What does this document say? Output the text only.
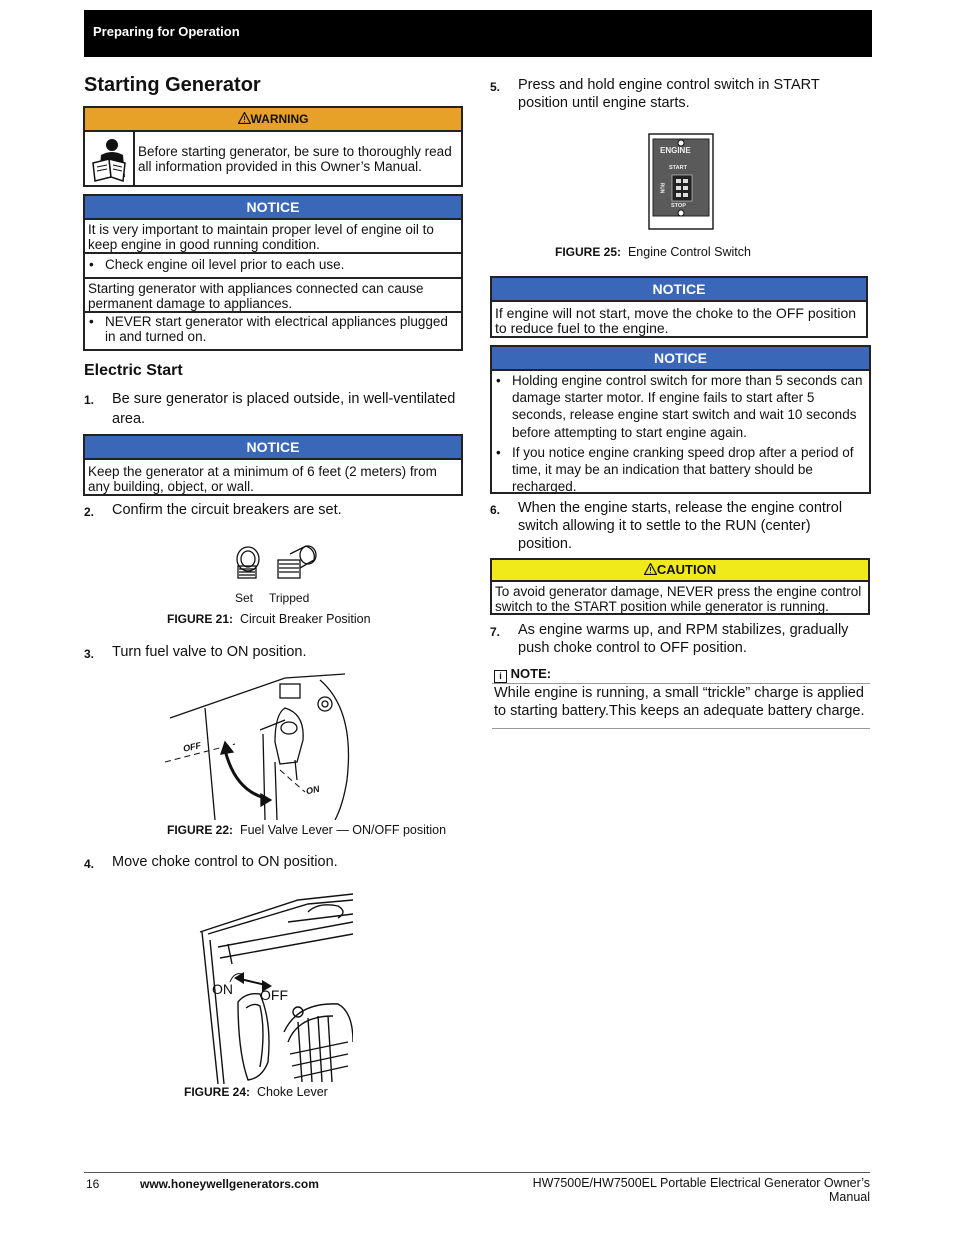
Preparing for Operation
Starting Generator
WARNING
Before starting generator, be sure to thoroughly read all information provided in this Owner’s Manual.
NOTICE
It is very important to maintain proper level of engine oil to keep engine in good running condition.
• Check engine oil level prior to each use.
Starting generator with appliances connected can cause permanent damage to appliances.
• NEVER start generator with electrical appliances plugged in and turned on.
Electric Start
1. Be sure generator is placed outside, in well-ventilated area.
NOTICE
Keep the generator at a minimum of 6 feet (2 meters) from any building, object, or wall.
2. Confirm the circuit breakers are set.
Set Tripped
FIGURE 21: Circuit Breaker Position
3. Turn fuel valve to ON position.
OFF
ON
FIGURE 22: Fuel Valve Lever — ON/OFF position
4. Move choke control to ON position.
ON OFF
FIGURE 24: Choke Lever
5. Press and hold engine control switch in START position until engine starts.
ENGINE
START
RUN
STOP
FIGURE 25: Engine Control Switch
NOTICE
If engine will not start, move the choke to the OFF position to reduce fuel to the engine.
NOTICE
• Holding engine control switch for more than 5 seconds can damage starter motor. If engine fails to start after 5 seconds, release engine start switch and wait 10 seconds before attempting to start engine again.
• If you notice engine cranking speed drop after a period of time, it may be an indication that battery should be recharged.
6. When the engine starts, release the engine control switch allowing it to settle to the RUN (center) position.
CAUTION
To avoid generator damage, NEVER press the engine control switch to the START position while generator is running.
7. As engine warms up, and RPM stabilizes, gradually push choke control to OFF position.
i NOTE:
While engine is running, a small “trickle” charge is applied to starting battery.This keeps an adequate battery charge.
16	www.honeywellgenerators.com	HW7500E/HW7500EL Portable Electrical Generator Owner’s Manual
